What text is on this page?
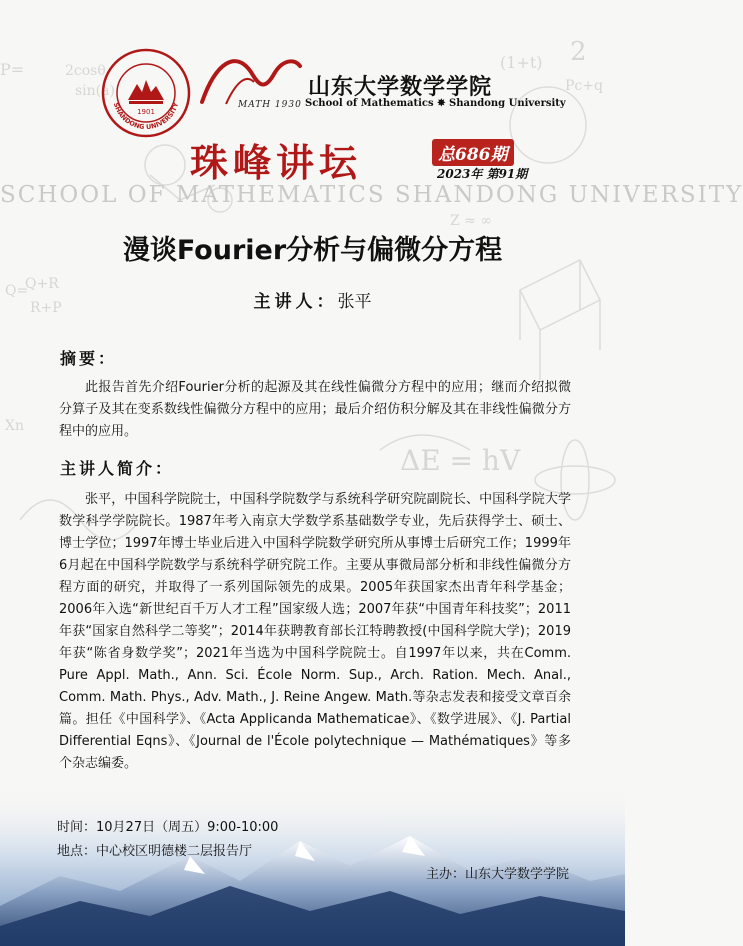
P=	2cosθ
sin(a)
(1+t) 2
Pc+q
Q=
Q+R
R+P
ΔE = hV
Xn
Z ≈ ∞
SHANDONG UNIVERSITY
1901
MATH 1930
山东大学数学学院
School of Mathematics ✸ Shandong University
珠峰讲坛	总686期
2023年 第91期
SCHOOL OF MATHEMATICS SHANDONG UNIVERSITY
漫谈Fourier分析与偏微分方程
主讲人：张平
摘要：
此报告首先介绍Fourier分析的起源及其在线性偏微分方程中的应用；继而介绍拟微分算子及其在变系数线性偏微分方程中的应用；最后介绍仿积分解及其在非线性偏微分方程中的应用。
主讲人简介：
张平，中国科学院院士，中国科学院数学与系统科学研究院副院长、中国科学院大学数学科学学院院长。1987年考入南京大学数学系基础数学专业，先后获得学士、硕士、博士学位；1997年博士毕业后进入中国科学院数学研究所从事博士后研究工作；1999年6月起在中国科学院数学与系统科学研究院工作。主要从事微局部分析和非线性偏微分方程方面的研究，并取得了一系列国际领先的成果。2005年获国家杰出青年科学基金；2006年入选“新世纪百千万人才工程”国家级人选；2007年获“中国青年科技奖”；2011年获“国家自然科学二等奖”；2014年获聘教育部长江特聘教授(中国科学院大学)；2019年获“陈省身数学奖”；2021年当选为中国科学院院士。自1997年以来，共在Comm. Pure Appl. Math., Ann. Sci. École Norm. Sup., Arch. Ration. Mech. Anal., Comm. Math. Phys., Adv. Math., J. Reine Angew. Math.等杂志发表和接受文章百余篇。担任《中国科学》、《Acta Applicanda Mathematicae》、《数学进展》、《J. Partial Differential Eqns》、《Journal de l'École polytechnique — Mathématiques》等多个杂志编委。
时间：10月27日（周五）9:00-10:00
地点：中心校区明德楼二层报告厅
主办：山东大学数学学院
